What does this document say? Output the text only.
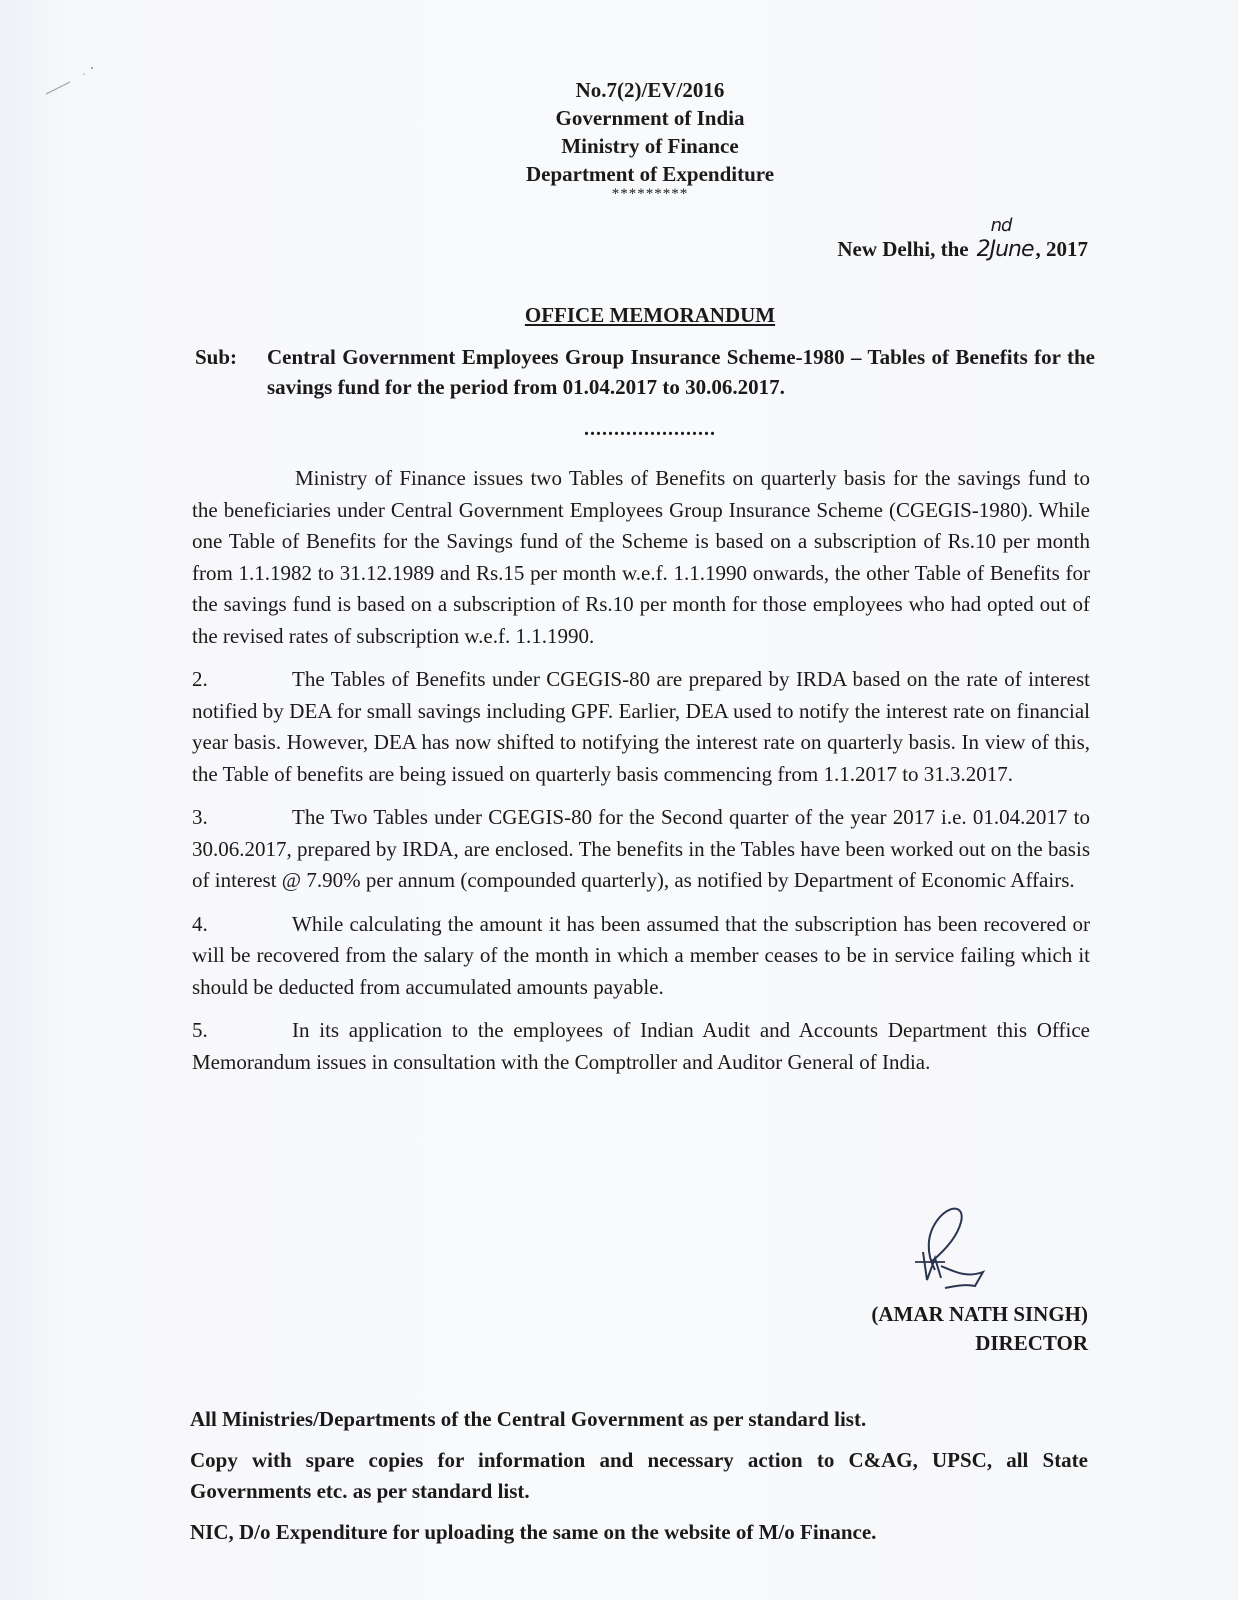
No.7(2)/EV/2016
Government of India
Ministry of Finance
Department of Expenditure
*********
New Delhi, the 2
nd
June , 2017
OFFICE MEMORANDUM
Sub:	Central Government Employees Group Insurance Scheme-1980 – Tables of Benefits for the savings fund for the period from 01.04.2017 to 30.06.2017.
......................

Ministry of Finance issues two Tables of Benefits on quarterly basis for the savings fund to the beneficiaries under Central Government Employees Group Insurance Scheme (CGEGIS-1980). While one Table of Benefits for the Savings fund of the Scheme is based on a subscription of Rs.10 per month from 1.1.1982 to 31.12.1989 and Rs.15 per month w.e.f. 1.1.1990 onwards, the other Table of Benefits for the savings fund is based on a subscription of Rs.10 per month for those employees who had opted out of the revised rates of subscription w.e.f. 1.1.1990.

2.	The Tables of Benefits under CGEGIS-80 are prepared by IRDA based on the rate of interest notified by DEA for small savings including GPF. Earlier, DEA used to notify the interest rate on financial year basis. However, DEA has now shifted to notifying the interest rate on quarterly basis. In view of this, the Table of benefits are being issued on quarterly basis commencing from 1.1.2017 to 31.3.2017.

3.	The Two Tables under CGEGIS-80 for the Second quarter of the year 2017 i.e. 01.04.2017 to 30.06.2017, prepared by IRDA, are enclosed. The benefits in the Tables have been worked out on the basis of interest @ 7.90% per annum (compounded quarterly), as notified by Department of Economic Affairs.

4.	While calculating the amount it has been assumed that the subscription has been recovered or will be recovered from the salary of the month in which a member ceases to be in service failing which it should be deducted from accumulated amounts payable.

5.	In its application to the employees of Indian Audit and Accounts Department this Office Memorandum issues in consultation with the Comptroller and Auditor General of India.

(AMAR NATH SINGH)
DIRECTOR

All Ministries/Departments of the Central Government as per standard list.

Copy with spare copies for information and necessary action to C&AG, UPSC, all State Governments etc. as per standard list.

NIC, D/o Expenditure for uploading the same on the website of M/o Finance.
